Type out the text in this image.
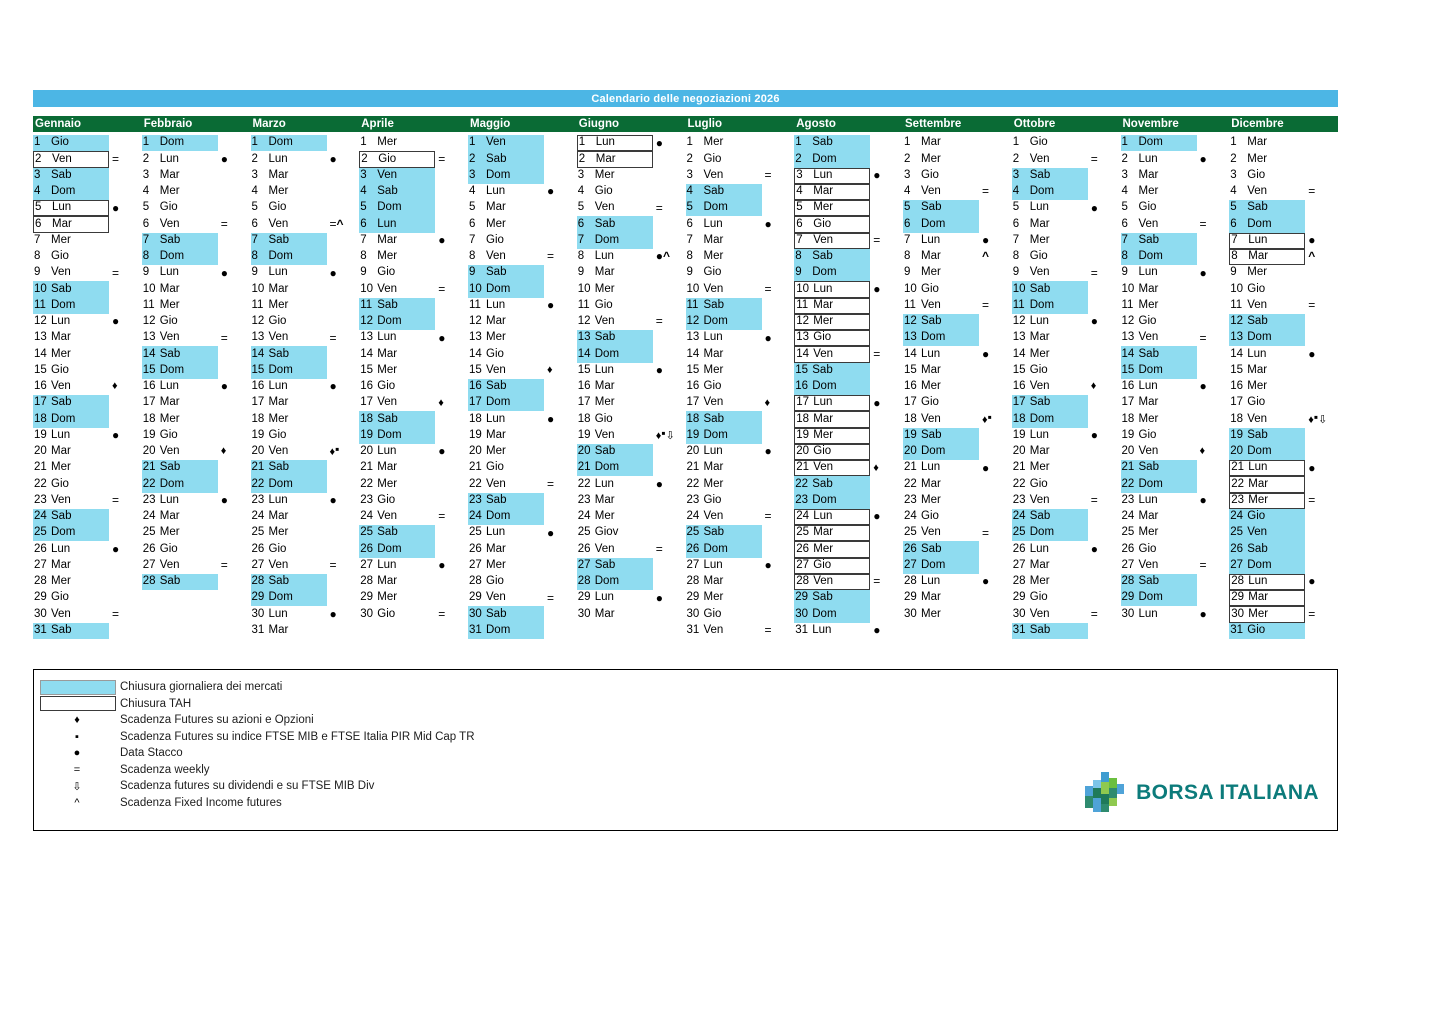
Calendario delle negoziazioni 2026
Gennaio
1 Gio
2 Ven	=
3 Sab
4 Dom
5 Lun	●
6 Mar
7 Mer
8 Gio
9 Ven	=
10 Sab
11 Dom
12 Lun	●
13 Mar
14 Mer
15 Gio
16 Ven	♦
17 Sab
18 Dom
19 Lun	●
20 Mar
21 Mer
22 Gio
23 Ven	=
24 Sab
25 Dom
26 Lun	●
27 Mar
28 Mer
29 Gio
30 Ven	=
31 Sab
Febbraio
1 Dom
2 Lun	●
3 Mar
4 Mer
5 Gio
6 Ven	=
7 Sab
8 Dom
9 Lun	●
10 Mar
11 Mer
12 Gio
13 Ven	=
14 Sab
15 Dom
16 Lun	●
17 Mar
18 Mer
19 Gio
20 Ven	♦
21 Sab
22 Dom
23 Lun	●
24 Mar
25 Mer
26 Gio
27 Ven	=
28 Sab
Marzo
1 Dom
2 Lun	●
3 Mar
4 Mer
5 Gio
6 Ven	=^
7 Sab
8 Dom
9 Lun	●
10 Mar
11 Mer
12 Gio
13 Ven	=
14 Sab
15 Dom
16 Lun	●
17 Mar
18 Mer
19 Gio
20 Ven	♦▪
21 Sab
22 Dom
23 Lun	●
24 Mar
25 Mer
26 Gio
27 Ven	=
28 Sab
29 Dom
30 Lun	●
31 Mar
Aprile
1 Mer
2 Gio	=
3 Ven
4 Sab
5 Dom
6 Lun
7 Mar	●
8 Mer
9 Gio
10 Ven	=
11 Sab
12 Dom
13 Lun	●
14 Mar
15 Mer
16 Gio
17 Ven	♦
18 Sab
19 Dom
20 Lun	●
21 Mar
22 Mer
23 Gio
24 Ven	=
25 Sab
26 Dom
27 Lun	●
28 Mar
29 Mer
30 Gio	=
Maggio
1 Ven
2 Sab
3 Dom
4 Lun	●
5 Mar
6 Mer
7 Gio
8 Ven	=
9 Sab
10 Dom
11 Lun	●
12 Mar
13 Mer
14 Gio
15 Ven	♦
16 Sab
17 Dom
18 Lun	●
19 Mar
20 Mer
21 Gio
22 Ven	=
23 Sab
24 Dom
25 Lun	●
26 Mar
27 Mer
28 Gio
29 Ven	=
30 Sab
31 Dom
Giugno
1 Lun	●
2 Mar
3 Mer
4 Gio
5 Ven	=
6 Sab
7 Dom
8 Lun	●^
9 Mar
10 Mer
11 Gio
12 Ven	=
13 Sab
14 Dom
15 Lun	●
16 Mar
17 Mer
18 Gio
19 Ven	♦▪⇩
20 Sab
21 Dom
22 Lun	●
23 Mar
24 Mer
25 Giov
26 Ven	=
27 Sab
28 Dom
29 Lun	●
30 Mar
Luglio
1 Mer
2 Gio
3 Ven	=
4 Sab
5 Dom
6 Lun	●
7 Mar
8 Mer
9 Gio
10 Ven	=
11 Sab
12 Dom
13 Lun	●
14 Mar
15 Mer
16 Gio
17 Ven	♦
18 Sab
19 Dom
20 Lun	●
21 Mar
22 Mer
23 Gio
24 Ven	=
25 Sab
26 Dom
27 Lun	●
28 Mar
29 Mer
30 Gio
31 Ven	=
Agosto
1 Sab
2 Dom
3 Lun	●
4 Mar
5 Mer
6 Gio
7 Ven	=
8 Sab
9 Dom
10 Lun	●
11 Mar
12 Mer
13 Gio
14 Ven	=
15 Sab
16 Dom
17 Lun	●
18 Mar
19 Mer
20 Gio
21 Ven	♦
22 Sab
23 Dom
24 Lun	●
25 Mar
26 Mer
27 Gio
28 Ven	=
29 Sab
30 Dom
31 Lun	●
Settembre
1 Mar
2 Mer
3 Gio
4 Ven	=
5 Sab
6 Dom
7 Lun	●
8 Mar	^
9 Mer
10 Gio
11 Ven	=
12 Sab
13 Dom
14 Lun	●
15 Mar
16 Mer
17 Gio
18 Ven	♦▪
19 Sab
20 Dom
21 Lun	●
22 Mar
23 Mer
24 Gio
25 Ven	=
26 Sab
27 Dom
28 Lun	●
29 Mar
30 Mer
Ottobre
1 Gio
2 Ven	=
3 Sab
4 Dom
5 Lun	●
6 Mar
7 Mer
8 Gio
9 Ven	=
10 Sab
11 Dom
12 Lun	●
13 Mar
14 Mer
15 Gio
16 Ven	♦
17 Sab
18 Dom
19 Lun	●
20 Mar
21 Mer
22 Gio
23 Ven	=
24 Sab
25 Dom
26 Lun	●
27 Mar
28 Mer
29 Gio
30 Ven	=
31 Sab
Novembre
1 Dom
2 Lun	●
3 Mar
4 Mer
5 Gio
6 Ven	=
7 Sab
8 Dom
9 Lun	●
10 Mar
11 Mer
12 Gio
13 Ven	=
14 Sab
15 Dom
16 Lun	●
17 Mar
18 Mer
19 Gio
20 Ven	♦
21 Sab
22 Dom
23 Lun	●
24 Mar
25 Mer
26 Gio
27 Ven	=
28 Sab
29 Dom
30 Lun	●
Dicembre
1 Mar
2 Mer
3 Gio
4 Ven	=
5 Sab
6 Dom
7 Lun	●
8 Mar	^
9 Mer
10 Gio
11 Ven	=
12 Sab
13 Dom
14 Lun	●
15 Mar
16 Mer
17 Gio
18 Ven	♦▪⇩
19 Sab
20 Dom
21 Lun	●
22 Mar
23 Mer	=
24 Gio
25 Ven
26 Sab
27 Dom
28 Lun	●
29 Mar
30 Mer	=
31 Gio
Chiusura giornaliera dei mercati
Chiusura TAH
♦	Scadenza Futures su azioni e Opzioni
▪	Scadenza Futures su indice FTSE MIB e FTSE Italia PIR Mid Cap TR
●	Data Stacco
=	Scadenza weekly
⇩	Scadenza futures su dividendi e su FTSE MIB Div
^	Scadenza Fixed Income futures	BORSA ITALIANA
